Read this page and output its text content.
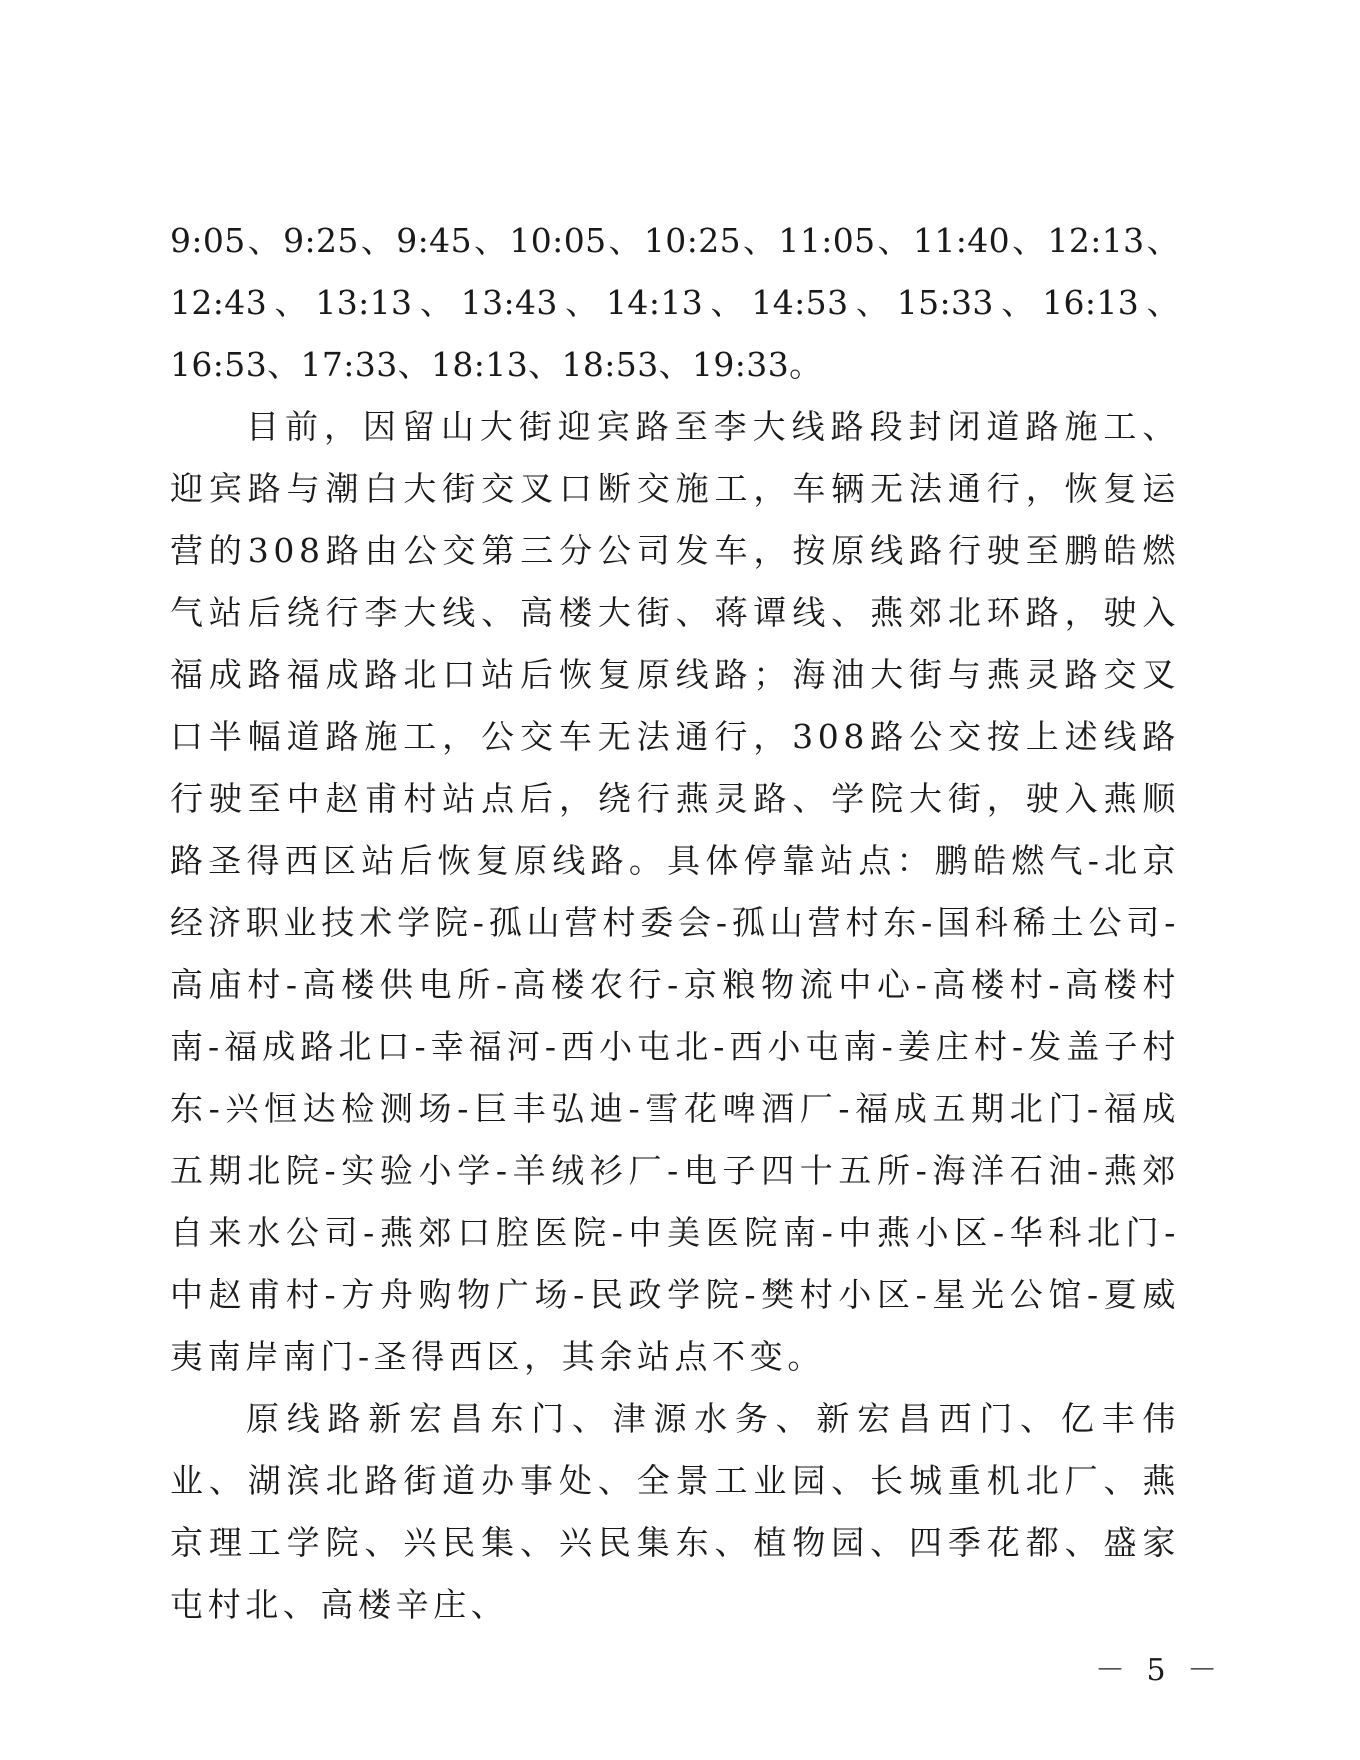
9:05、9:25、9:45、10:05、10:25、11:05、11:40、12:13、12:43、13:13、13:43、14:13、14:53、15:33、16:13、16:53、17:33、18:13、18:53、19:33。

目前，因留山大街迎宾路至李大线路段封闭道路施工、迎宾路与潮白大街交叉口断交施工，车辆无法通行，恢复运营的308路由公交第三分公司发车，按原线路行驶至鹏皓燃气站后绕行李大线、高楼大街、蒋谭线、燕郊北环路，驶入福成路福成路北口站后恢复原线路；海油大街与燕灵路交叉口半幅道路施工，公交车无法通行，308路公交按上述线路行驶至中赵甫村站点后，绕行燕灵路、学院大街，驶入燕顺路圣得西区站后恢复原线路。具体停靠站点：鹏皓燃气-北京经济职业技术学院-孤山营村委会-孤山营村东-国科稀土公司-高庙村-高楼供电所-高楼农行-京粮物流中心-高楼村-高楼村南-福成路北口-幸福河-西小屯北-西小屯南-姜庄村-发盖子村东-兴恒达检测场-巨丰弘迪-雪花啤酒厂-福成五期北门-福成五期北院-实验小学-羊绒衫厂-电子四十五所-海洋石油-燕郊自来水公司-燕郊口腔医院-中美医院南-中燕小区-华科北门-中赵甫村-方舟购物广场-民政学院-樊村小区-星光公馆-夏威夷南岸南门-圣得西区，其余站点不变。

原线路新宏昌东门、津源水务、新宏昌西门、亿丰伟业、湖滨北路街道办事处、全景工业园、长城重机北厂、燕京理工学院、兴民集、兴民集东、植物园、四季花都、盛家屯村北、高楼辛庄、

－ 5 －
